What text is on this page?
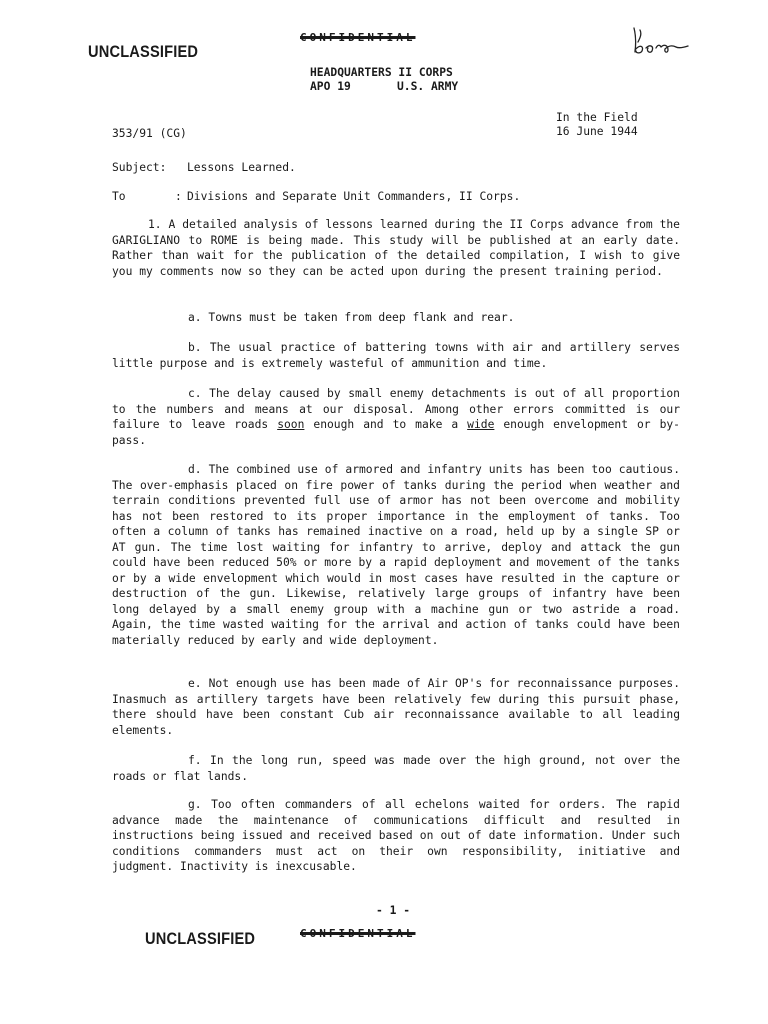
UNCLASSIFIED
CONFIDENTIAL
HEADQUARTERS II CORPS
APO 19	U.S. ARMY
In the Field
16 June 1944
353/91 (CG)
Subject: Lessons Learned.
To	: Divisions and Separate Unit Commanders, II Corps.
1. A detailed analysis of lessons learned during the II Corps advance from the GARIGLIANO to ROME is being made. This study will be published at an early date. Rather than wait for the publication of the detailed compilation, I wish to give you my comments now so they can be acted upon during the present training period.
a. Towns must be taken from deep flank and rear.
b. The usual practice of battering towns with air and artillery serves little purpose and is extremely wasteful of ammunition and time.
c. The delay caused by small enemy detachments is out of all proportion to the numbers and means at our disposal. Among other errors committed is our failure to leave roads soon enough and to make a wide enough envelopment or by-pass.
d. The combined use of armored and infantry units has been too cautious. The over-emphasis placed on fire power of tanks during the period when weather and terrain conditions prevented full use of armor has not been overcome and mobility has not been restored to its proper importance in the employment of tanks. Too often a column of tanks has remained inactive on a road, held up by a single SP or AT gun. The time lost waiting for infantry to arrive, deploy and attack the gun could have been reduced 50% or more by a rapid deployment and movement of the tanks or by a wide envelopment which would in most cases have resulted in the capture or destruction of the gun. Likewise, relatively large groups of infantry have been long delayed by a small enemy group with a machine gun or two astride a road. Again, the time wasted waiting for the arrival and action of tanks could have been materially reduced by early and wide deployment.
e. Not enough use has been made of Air OP's for reconnaissance purposes. Inasmuch as artillery targets have been relatively few during this pursuit phase, there should have been constant Cub air reconnaissance available to all leading elements.
f. In the long run, speed was made over the high ground, not over the roads or flat lands.
g. Too often commanders of all echelons waited for orders. The rapid advance made the maintenance of communications difficult and resulted in instructions being issued and received based on out of date information. Under such conditions commanders must act on their own responsibility, initiative and judgment. Inactivity is inexcusable.
- 1 -
UNCLASSIFIED	CONFIDENTIAL
